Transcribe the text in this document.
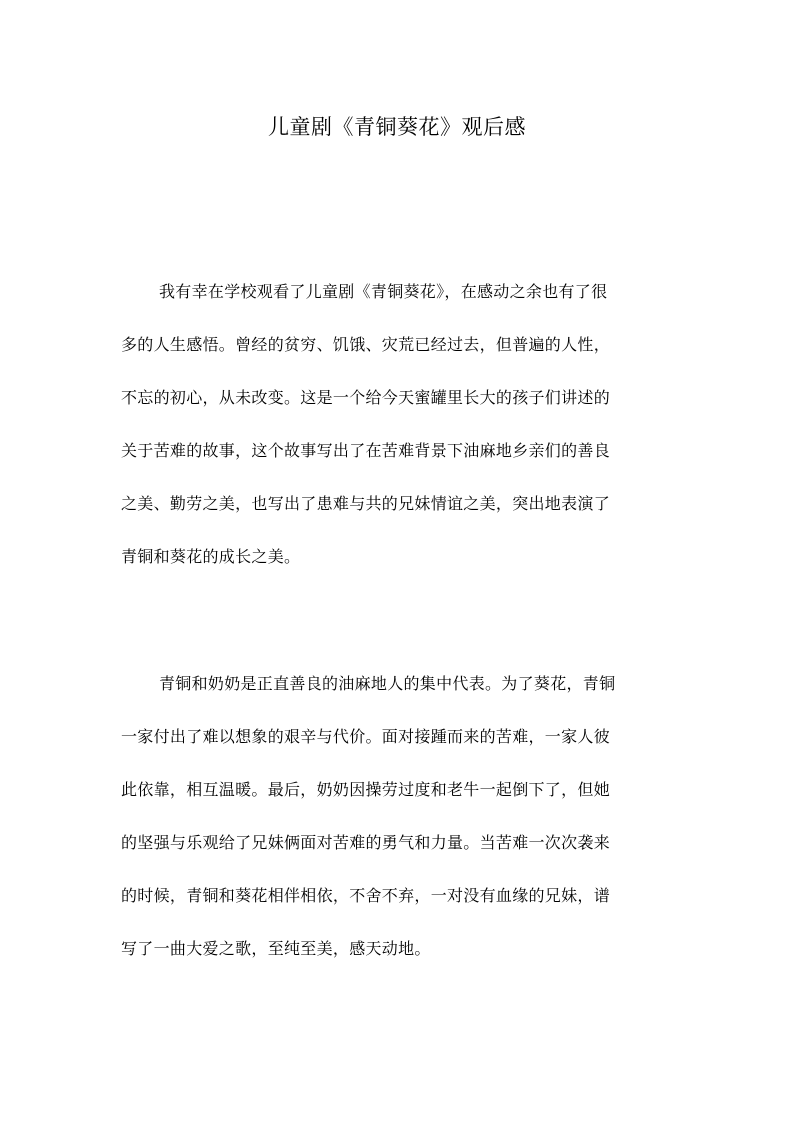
儿童剧《青铜葵花》观后感
我有幸在学校观看了儿童剧《青铜葵花》，在感动之余也有了很
多的人生感悟。曾经的贫穷、饥饿、灾荒已经过去，但普遍的人性，
不忘的初心，从未改变。这是一个给今天蜜罐里长大的孩子们讲述的
关于苦难的故事，这个故事写出了在苦难背景下油麻地乡亲们的善良
之美、勤劳之美，也写出了患难与共的兄妹情谊之美，突出地表演了
青铜和葵花的成长之美。
青铜和奶奶是正直善良的油麻地人的集中代表。为了葵花，青铜
一家付出了难以想象的艰辛与代价。面对接踵而来的苦难，一家人彼
此依靠，相互温暖。最后，奶奶因操劳过度和老牛一起倒下了，但她
的坚强与乐观给了兄妹俩面对苦难的勇气和力量。当苦难一次次袭来
的时候，青铜和葵花相伴相依，不舍不弃，一对没有血缘的兄妹，谱
写了一曲大爱之歌，至纯至美，感天动地。
